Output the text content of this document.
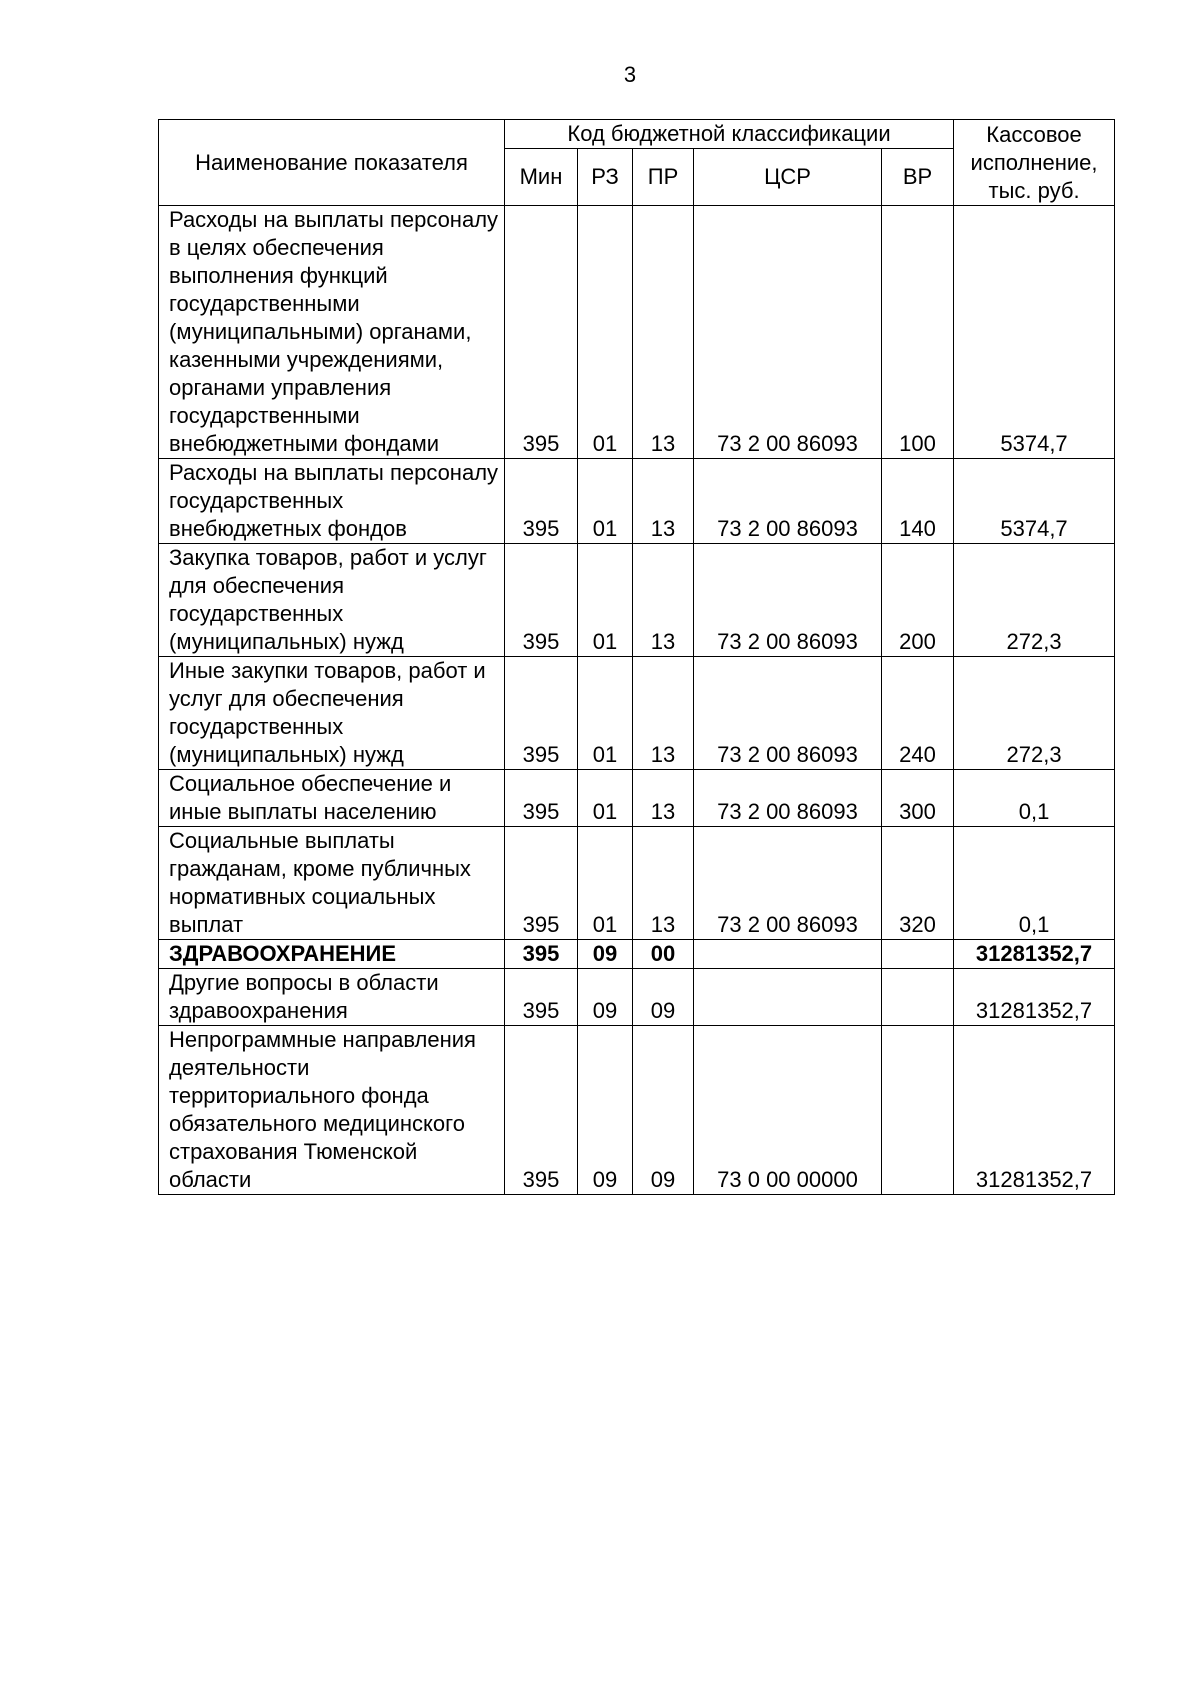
3
Наименование показателя	Код бюджетной классификации					Кассовое исполнение, тыс. руб.
	Мин	РЗ	ПР	ЦСР	ВР	
Расходы на выплаты персоналу в целях обеспечения выполнения функций государственными (муниципальными) органами, казенными учреждениями, органами управления государственными внебюджетными фондами	395	01	13	73 2 00 86093	100	5374,7
Расходы на выплаты персоналу государственных внебюджетных фондов	395	01	13	73 2 00 86093	140	5374,7
Закупка товаров, работ и услуг для обеспечения государственных (муниципальных) нужд	395	01	13	73 2 00 86093	200	272,3
Иные закупки товаров, работ и услуг для обеспечения государственных (муниципальных) нужд	395	01	13	73 2 00 86093	240	272,3
Социальное обеспечение и иные выплаты населению	395	01	13	73 2 00 86093	300	0,1
Социальные выплаты гражданам, кроме публичных нормативных социальных выплат	395	01	13	73 2 00 86093	320	0,1
ЗДРАВООХРАНЕНИЕ	395	09	00			31281352,7
Другие вопросы в области здравоохранения	395	09	09			31281352,7
Непрограммные направления деятельности территориального фонда обязательного медицинского страхования Тюменской области	395	09	09	73 0 00 00000		31281352,7
